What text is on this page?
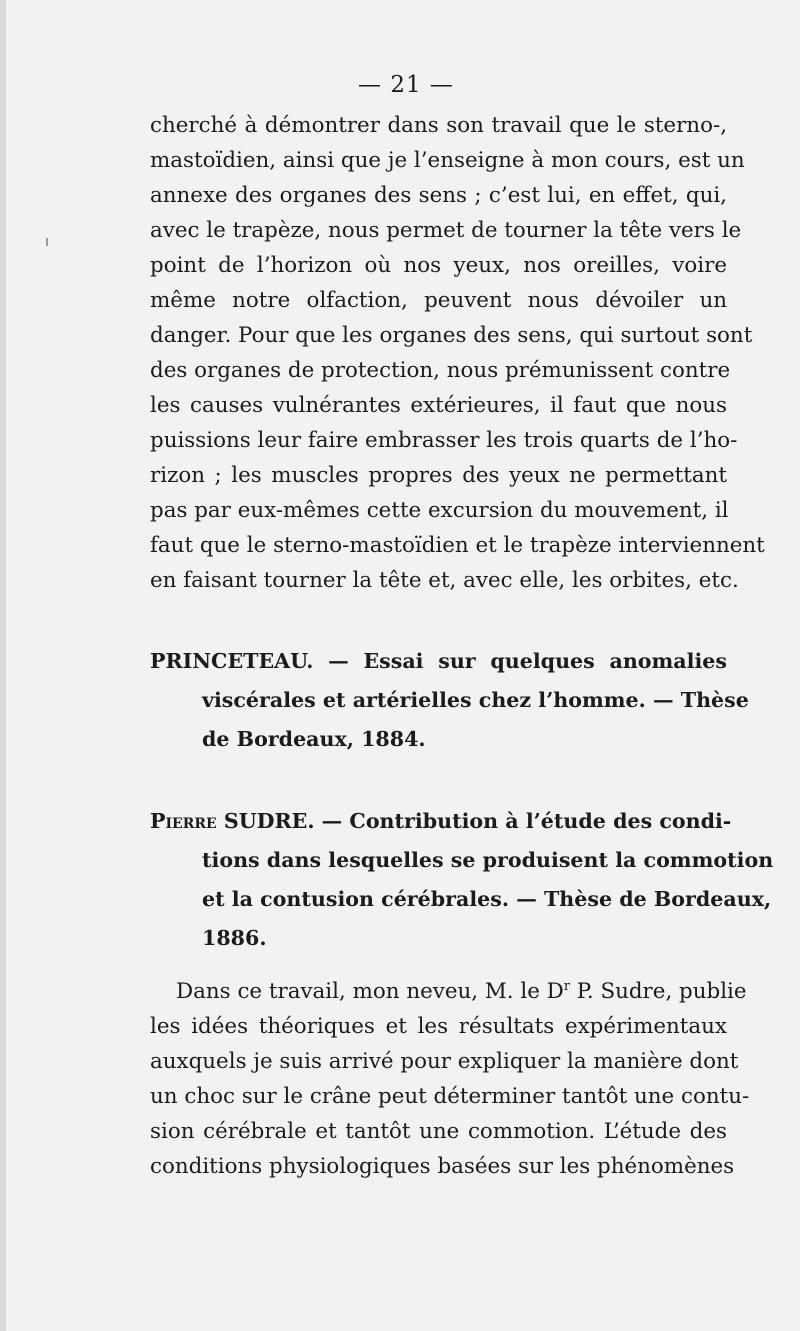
— 21 —

cherché à démontrer dans son travail que le sterno-,
mastoïdien, ainsi que je l’enseigne à mon cours, est un
annexe des organes des sens ; c’est lui, en effet, qui,
avec le trapèze, nous permet de tourner la tête vers le
point de l’horizon où nos yeux, nos oreilles, voire
même notre olfaction, peuvent nous dévoiler un
danger. Pour que les organes des sens, qui surtout sont
des organes de protection, nous prémunissent contre
les causes vulnérantes extérieures, il faut que nous
puissions leur faire embrasser les trois quarts de l’ho-
rizon ; les muscles propres des yeux ne permettant
pas par eux-mêmes cette excursion du mouvement, il
faut que le sterno-mastoïdien et le trapèze interviennent
en faisant tourner la tête et, avec elle, les orbites, etc.

PRINCETEAU. — Essai sur quelques anomalies
viscérales et artérielles chez l’homme. — Thèse
de Bordeaux, 1884.
Pierre SUDRE. — Contribution à l’étude des condi-
tions dans lesquelles se produisent la commotion
et la contusion cérébrales. — Thèse de Bordeaux,
1886.

Dans ce travail, mon neveu, M. le $D^r$ P. Sudre, publie
les idées théoriques et les résultats expérimentaux
auxquels je suis arrivé pour expliquer la manière dont
un choc sur le crâne peut déterminer tantôt une contu-
sion cérébrale et tantôt une commotion. L’étude des
conditions physiologiques basées sur les phénomènes
